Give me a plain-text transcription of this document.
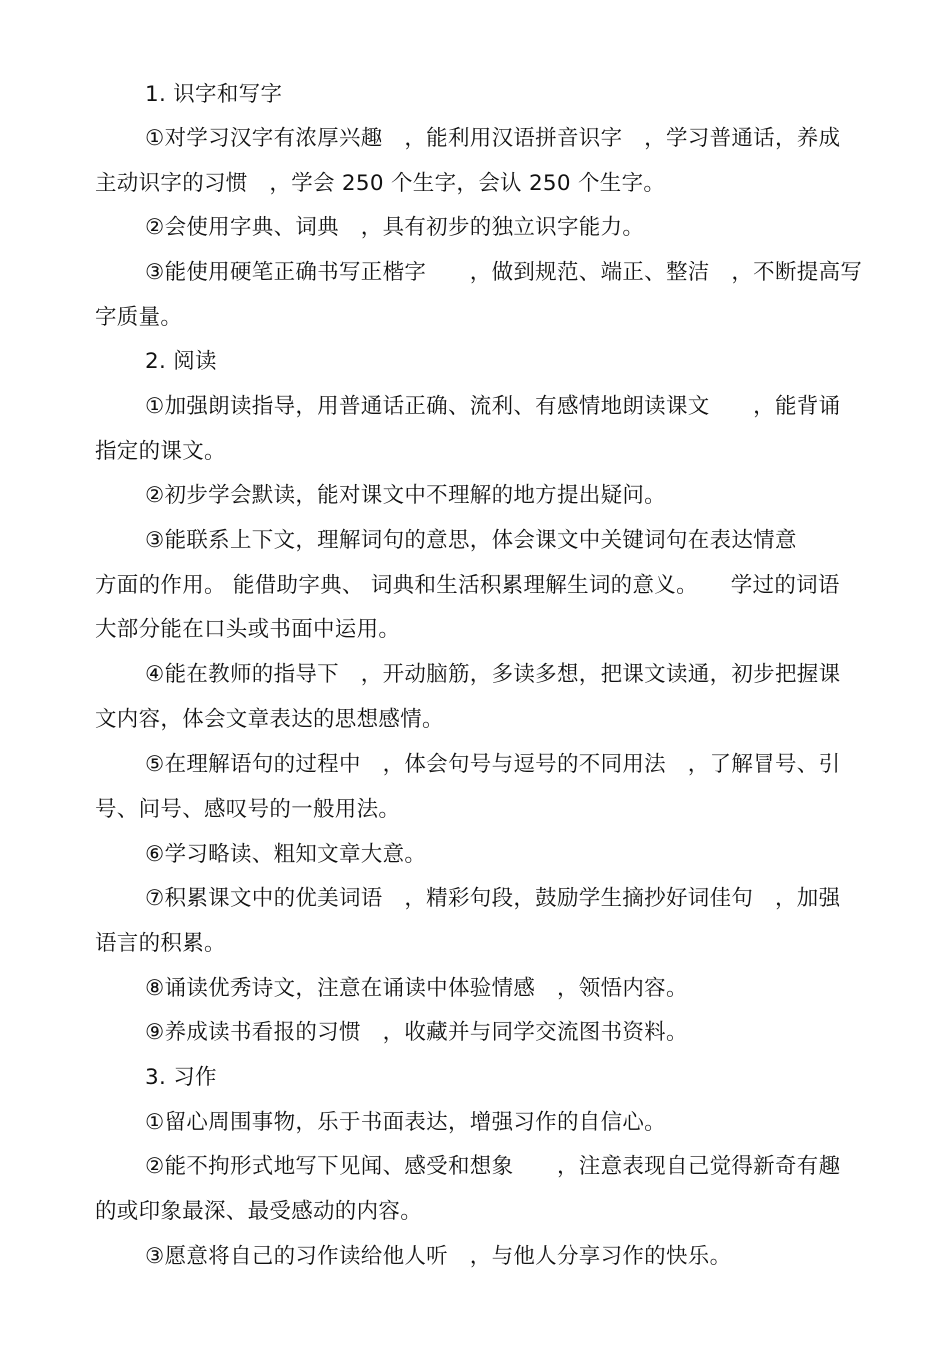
1. 识字和写字
①对学习汉字有浓厚兴趣　，能利用汉语拼音识字　，学习普通话，养成
主动识字的习惯　，学会 250 个生字，会认 250 个生字。
②会使用字典、词典　，具有初步的独立识字能力。
③能使用硬笔正确书写正楷字　　，做到规范、端正、整洁　，不断提高写
字质量。
2. 阅读
①加强朗读指导，用普通话正确、流利、有感情地朗读课文　　，能背诵
指定的课文。
②初步学会默读，能对课文中不理解的地方提出疑问。
③能联系上下文，理解词句的意思，体会课文中关键词句在表达情意
方面的作用。 能借助字典、 词典和生活积累理解生词的意义。　　学过的词语
大部分能在口头或书面中运用。
④能在教师的指导下　，开动脑筋，多读多想，把课文读通，初步把握课
文内容，体会文章表达的思想感情。
⑤在理解语句的过程中　，体会句号与逗号的不同用法　，了解冒号、引
号、问号、感叹号的一般用法。
⑥学习略读、粗知文章大意。
⑦积累课文中的优美词语　，精彩句段，鼓励学生摘抄好词佳句　，加强
语言的积累。
⑧诵读优秀诗文，注意在诵读中体验情感　，领悟内容。
⑨养成读书看报的习惯　，收藏并与同学交流图书资料。
3. 习作
①留心周围事物，乐于书面表达，增强习作的自信心。
②能不拘形式地写下见闻、感受和想象　　，注意表现自己觉得新奇有趣
的或印象最深、最受感动的内容。
③愿意将自己的习作读给他人听　，与他人分享习作的快乐。
